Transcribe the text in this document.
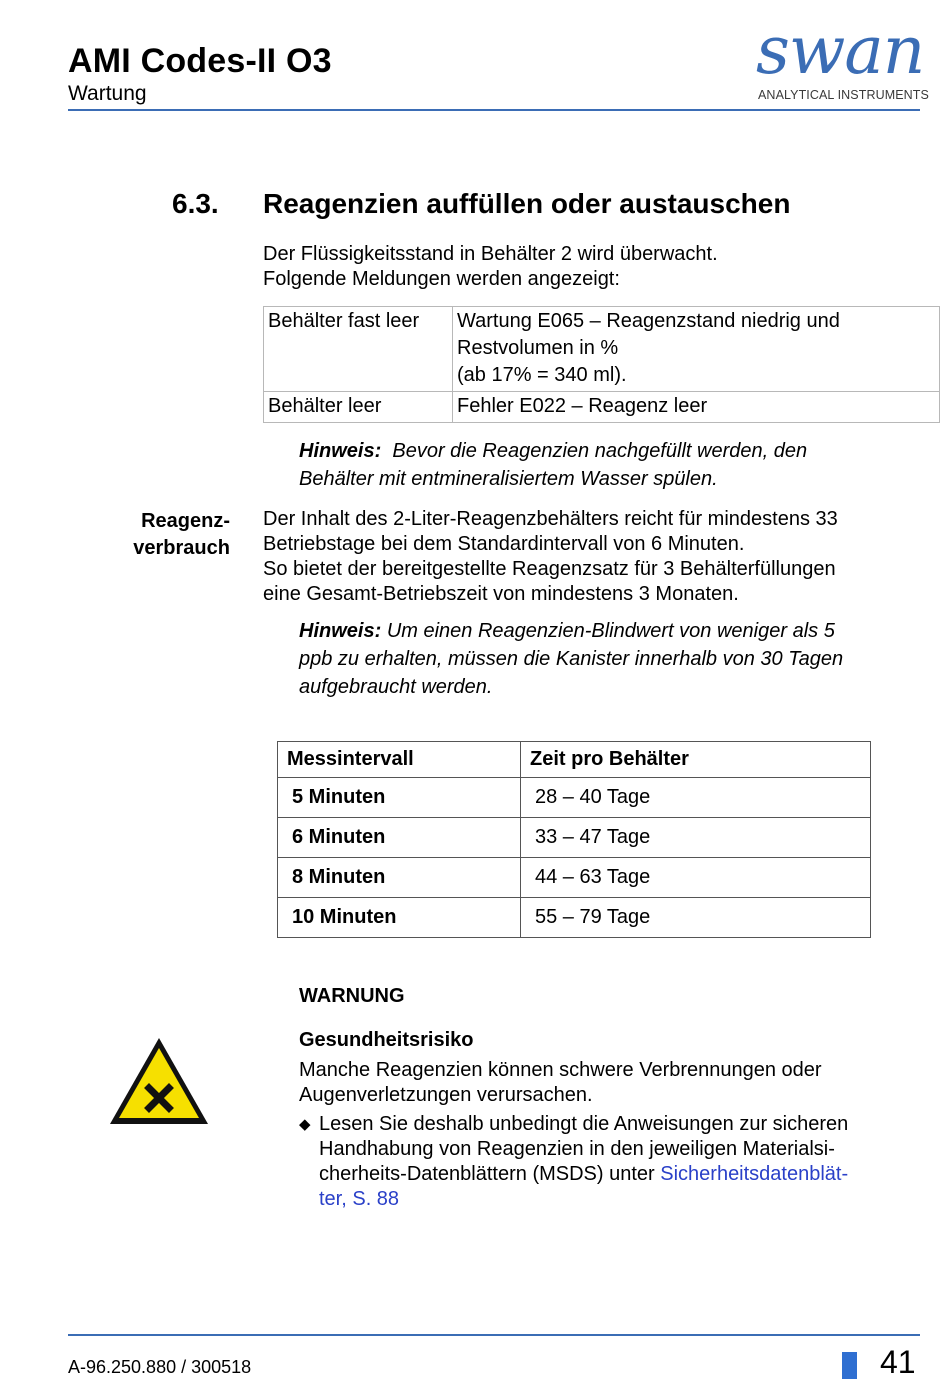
AMI Codes-II O3
Wartung
swan
ANALYTICAL INSTRUMENTS
6.3. Reagenzien auffüllen oder austauschen
Der Flüssigkeitsstand in Behälter 2 wird überwacht.
Folgende Meldungen werden angezeigt:
Behälter fast leer	Wartung E065 – Reagenzstand niedrig und
Restvolumen in %
(ab 17% = 340 ml).

Behälter leer	Fehler E022 – Reagenz leer
Hinweis: Bevor die Reagenzien nachgefüllt werden, den
Behälter mit entmineralisiertem Wasser spülen.
Reagenz-
verbrauch
Der Inhalt des 2-Liter-Reagenzbehälters reicht für mindestens 33
Betriebstage bei dem Standardintervall von 6 Minuten.
So bietet der bereitgestellte Reagenzsatz für 3 Behälterfüllungen
eine Gesamt-Betriebszeit von mindestens 3 Monaten.
Hinweis: Um einen Reagenzien-Blindwert von weniger als 5
ppb zu erhalten, müssen die Kanister innerhalb von 30 Tagen
aufgebraucht werden.
Messintervall	Zeit pro Behälter
5 Minuten	28 – 40 Tage
6 Minuten	33 – 47 Tage
8 Minuten	44 – 63 Tage
10 Minuten	55 – 79 Tage
WARNUNG
Gesundheitsrisiko
Manche Reagenzien können schwere Verbrennungen oder
Augenverletzungen verursachen.
◆ Lesen Sie deshalb unbedingt die Anweisungen zur sicheren
Handhabung von Reagenzien in den jeweiligen Materialsi-
cherheits-Datenblättern (MSDS) unter Sicherheitsdatenblät-
ter, S. 88
A-96.250.880 / 300518	41
